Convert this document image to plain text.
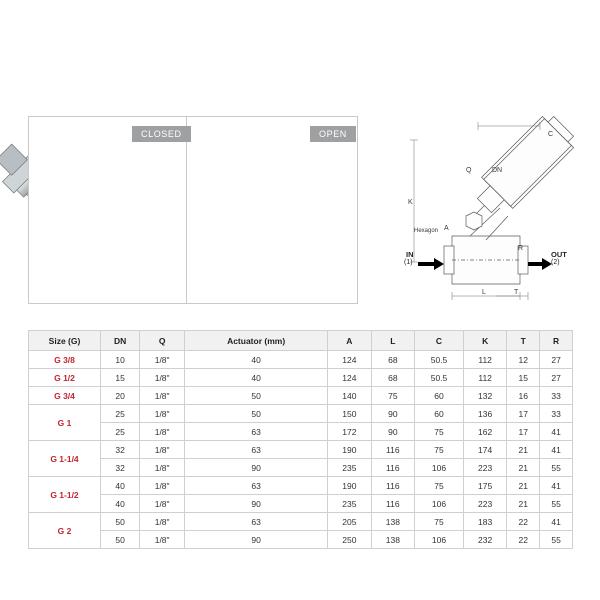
K
L	T
C
Q	DN
R
A
CLOSED	OPEN
IN
(1)
OUT
(2)
Hexagon
Size (G)	DN	Q	Actuator (mm)	A	L	C	K	T	R
G 3/8	10	1/8"	40	124	68	50.5	112	12	27
G 1/2	15	1/8"	40	124	68	50.5	112	15	27
G 3/4	20	1/8"	50	140	75	60	132	16	33
G 1	25	1/8"	50	150	90	60	136	17	33
	25	1/8"	63	172	90	75	162	17	41
G 1-1/4	32	1/8"	63	190	116	75	174	21	41
	32	1/8"	90	235	116	106	223	21	55
G 1-1/2	40	1/8"	63	190	116	75	175	21	41
	40	1/8"	90	235	116	106	223	21	55
G 2	50	1/8"	63	205	138	75	183	22	41
	50	1/8"	90	250	138	106	232	22	55
